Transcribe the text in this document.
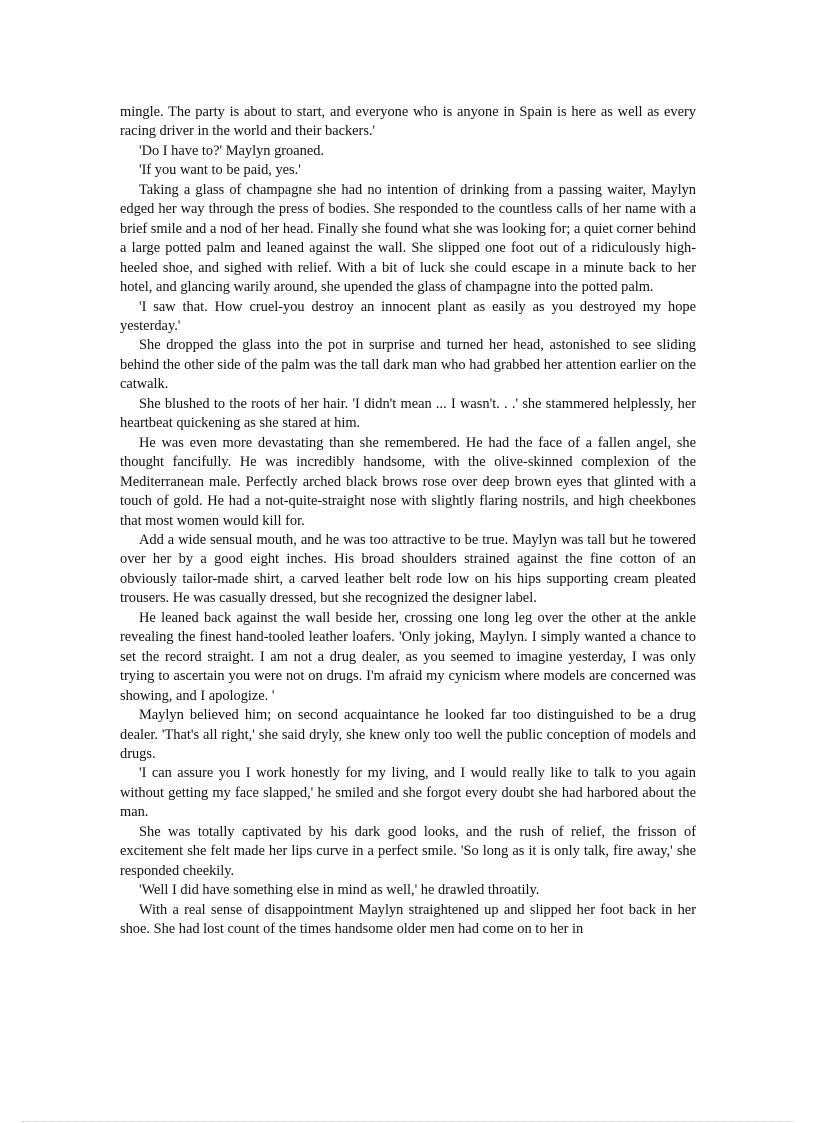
mingle. The party is about to start, and everyone who is anyone in Spain is here as well as every racing driver in the world and their backers.'

'Do I have to?' Maylyn groaned.

'If you want to be paid, yes.'

Taking a glass of champagne she had no intention of drinking from a passing waiter, Maylyn edged her way through the press of bodies. She responded to the countless calls of her name with a brief smile and a nod of her head. Finally she found what she was looking for; a quiet corner behind a large potted palm and leaned against the wall. She slipped one foot out of a ridiculously high-heeled shoe, and sighed with relief. With a bit of luck she could escape in a minute back to her hotel, and glancing warily around, she upended the glass of champagne into the potted palm.

'I saw that. How cruel-you destroy an innocent plant as easily as you destroyed my hope yesterday.'

She dropped the glass into the pot in surprise and turned her head, astonished to see sliding behind the other side of the palm was the tall dark man who had grabbed her attention earlier on the catwalk.

She blushed to the roots of her hair. 'I didn't mean ... I wasn't. . .' she stammered helplessly, her heartbeat quickening as she stared at him.

He was even more devastating than she remembered. He had the face of a fallen angel, she thought fancifully. He was incredibly handsome, with the olive-skinned complexion of the Mediterranean male. Perfectly arched black brows rose over deep brown eyes that glinted with a touch of gold. He had a not-quite-straight nose with slightly flaring nostrils, and high cheekbones that most women would kill for.

Add a wide sensual mouth, and he was too attractive to be true. Maylyn was tall but he towered over her by a good eight inches. His broad shoulders strained against the fine cotton of an obviously tailor-made shirt, a carved leather belt rode low on his hips supporting cream pleated trousers. He was casually dressed, but she recognized the designer label.

He leaned back against the wall beside her, crossing one long leg over the other at the ankle revealing the finest hand-tooled leather loafers. 'Only joking, Maylyn. I simply wanted a chance to set the record straight. I am not a drug dealer, as you seemed to imagine yesterday, I was only trying to ascertain you were not on drugs. I'm afraid my cynicism where models are concerned was showing, and I apologize. '

Maylyn believed him; on second acquaintance he looked far too distinguished to be a drug dealer. 'That's all right,' she said dryly, she knew only too well the public conception of models and drugs.

'I can assure you I work honestly for my living, and I would really like to talk to you again without getting my face slapped,' he smiled and she forgot every doubt she had harbored about the man.

She was totally captivated by his dark good looks, and the rush of relief, the frisson of excitement she felt made her lips curve in a perfect smile. 'So long as it is only talk, fire away,' she responded cheekily.

'Well I did have something else in mind as well,' he drawled throatily.

With a real sense of disappointment Maylyn straightened up and slipped her foot back in her shoe. She had lost count of the times handsome older men had come on to her in
